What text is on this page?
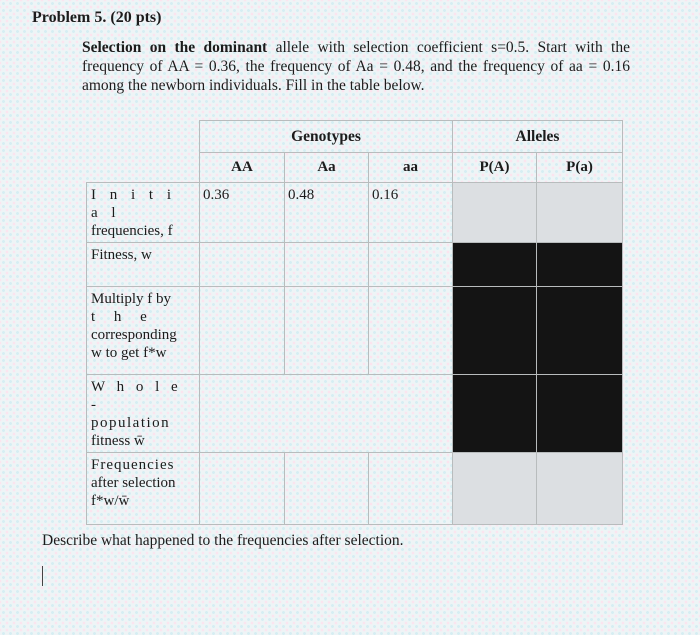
Problem 5. (20 pts)
Selection on the dominant allele with selection coefficient s=0.5. Start with the frequency of AA = 0.36, the frequency of Aa = 0.48, and the frequency of aa = 0.16 among the newborn individuals. Fill in the table below.
	Genotypes			Alleles	
	AA	Aa	aa	P(A)	P(a)

I n i t i a l
frequencies, f	0.36	0.48	0.16		
Fitness, w					

Multiply f by
t     h     e
corresponding
w to get f*w					

W h o l e -
population
fitness w̄					

Frequencies
after selection
f*w/w̄					

Describe what happened to the frequencies after selection.
